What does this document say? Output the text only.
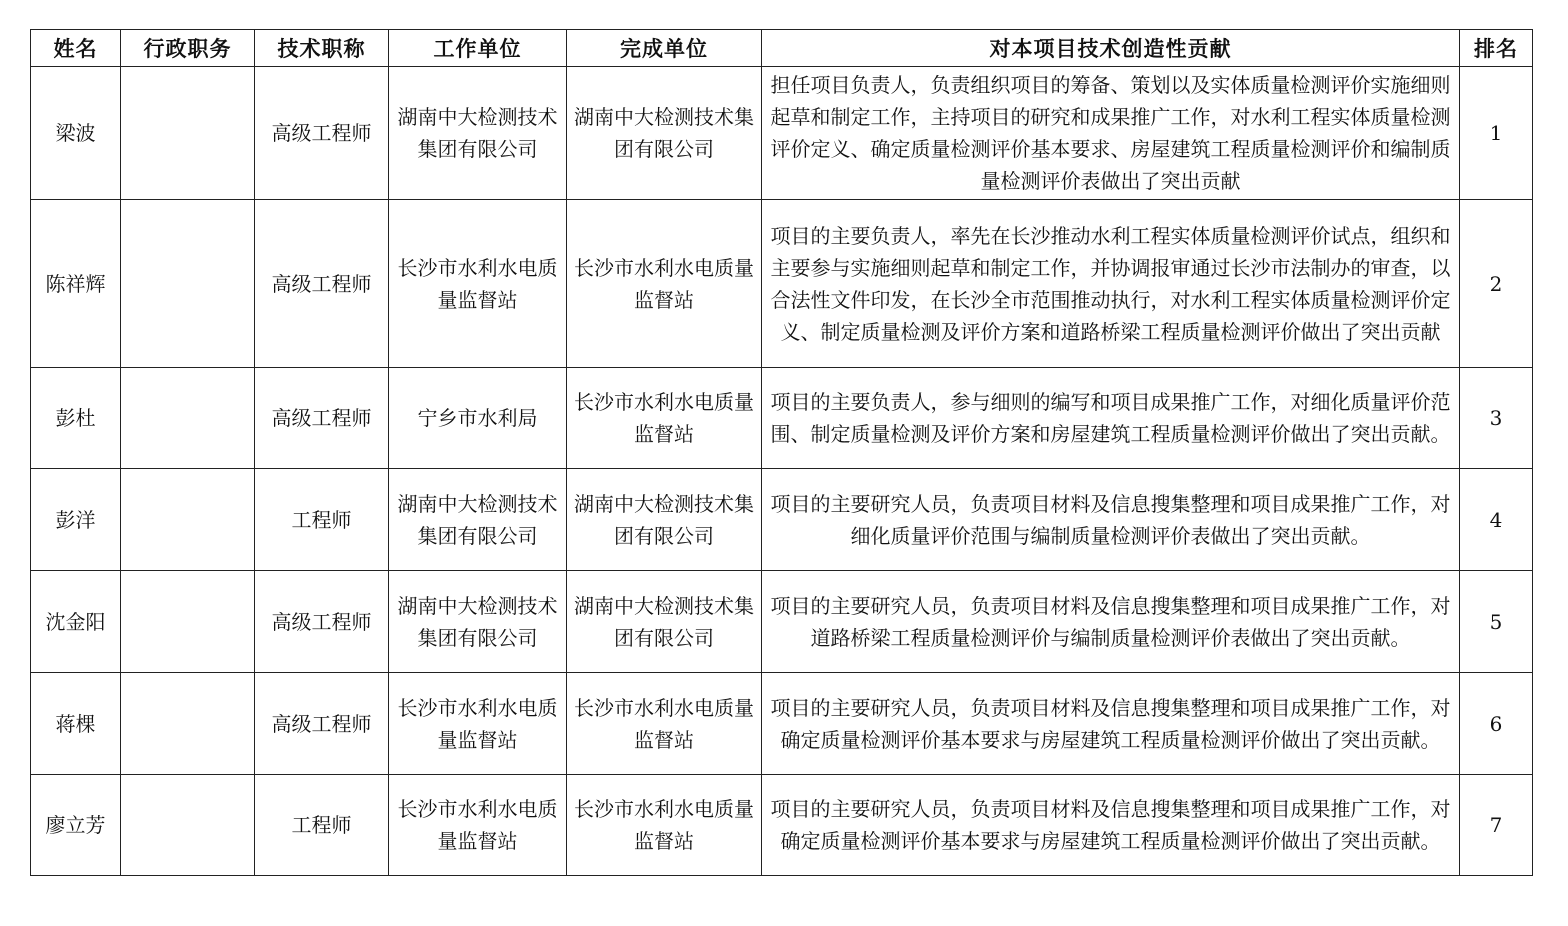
姓名	行政职务	技术职称	工作单位	完成单位	对本项目技术创造性贡献	排名
梁波		高级工程师	湖南中大检测技术集团有限公司	湖南中大检测技术集团有限公司	担任项目负责人，负责组织项目的筹备、策划以及实体质量检测评价实施细则起草和制定工作，主持项目的研究和成果推广工作，对水利工程实体质量检测评价定义、确定质量检测评价基本要求、房屋建筑工程质量检测评价和编制质量检测评价表做出了突出贡献	1
陈祥辉		高级工程师	长沙市水利水电质量监督站	长沙市水利水电质量监督站	项目的主要负责人，率先在长沙推动水利工程实体质量检测评价试点，组织和主要参与实施细则起草和制定工作，并协调报审通过长沙市法制办的审查，以合法性文件印发，在长沙全市范围推动执行，对水利工程实体质量检测评价定义、制定质量检测及评价方案和道路桥梁工程质量检测评价做出了突出贡献	2
彭杜		高级工程师	宁乡市水利局	长沙市水利水电质量监督站	项目的主要负责人，参与细则的编写和项目成果推广工作，对细化质量评价范围、制定质量检测及评价方案和房屋建筑工程质量检测评价做出了突出贡献。	3
彭洋		工程师	湖南中大检测技术集团有限公司	湖南中大检测技术集团有限公司	项目的主要研究人员，负责项目材料及信息搜集整理和项目成果推广工作，对细化质量评价范围与编制质量检测评价表做出了突出贡献。	4
沈金阳		高级工程师	湖南中大检测技术集团有限公司	湖南中大检测技术集团有限公司	项目的主要研究人员，负责项目材料及信息搜集整理和项目成果推广工作，对道路桥梁工程质量检测评价与编制质量检测评价表做出了突出贡献。	5
蒋棵		高级工程师	长沙市水利水电质量监督站	长沙市水利水电质量监督站	项目的主要研究人员，负责项目材料及信息搜集整理和项目成果推广工作，对确定质量检测评价基本要求与房屋建筑工程质量检测评价做出了突出贡献。	6
廖立芳		工程师	长沙市水利水电质量监督站	长沙市水利水电质量监督站	项目的主要研究人员，负责项目材料及信息搜集整理和项目成果推广工作，对确定质量检测评价基本要求与房屋建筑工程质量检测评价做出了突出贡献。	7
